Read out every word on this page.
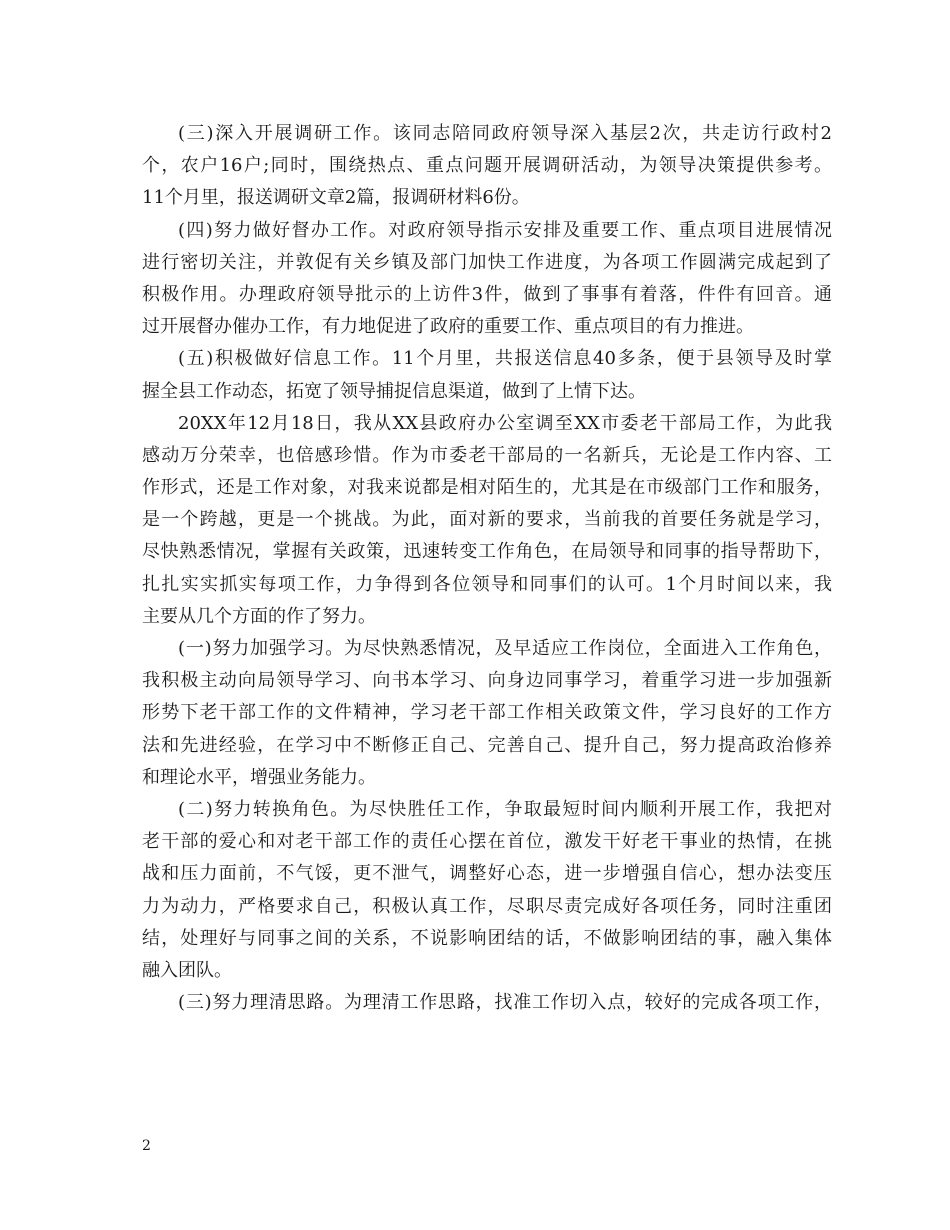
(三)深入开展调研工作。该同志陪同政府领导深入基层2次，共走访行政村2
个，农户16户;同时，围绕热点、重点问题开展调研活动，为领导决策提供参考。
11个月里，报送调研文章2篇，报调研材料6份。
(四)努力做好督办工作。对政府领导指示安排及重要工作、重点项目进展情况
进行密切关注，并敦促有关乡镇及部门加快工作进度，为各项工作圆满完成起到了
积极作用。办理政府领导批示的上访件3件，做到了事事有着落，件件有回音。通
过开展督办催办工作，有力地促进了政府的重要工作、重点项目的有力推进。
(五)积极做好信息工作。11个月里，共报送信息40多条，便于县领导及时掌
握全县工作动态，拓宽了领导捕捉信息渠道，做到了上情下达。
20XX年12月18日，我从XX县政府办公室调至XX市委老干部局工作，为此我
感动万分荣幸，也倍感珍惜。作为市委老干部局的一名新兵，无论是工作内容、工
作形式，还是工作对象，对我来说都是相对陌生的，尤其是在市级部门工作和服务，
是一个跨越，更是一个挑战。为此，面对新的要求，当前我的首要任务就是学习，
尽快熟悉情况，掌握有关政策，迅速转变工作角色，在局领导和同事的指导帮助下，
扎扎实实抓实每项工作，力争得到各位领导和同事们的认可。1个月时间以来，我
主要从几个方面的作了努力。
(一)努力加强学习。为尽快熟悉情况，及早适应工作岗位，全面进入工作角色，
我积极主动向局领导学习、向书本学习、向身边同事学习，着重学习进一步加强新
形势下老干部工作的文件精神，学习老干部工作相关政策文件，学习良好的工作方
法和先进经验，在学习中不断修正自己、完善自己、提升自己，努力提高政治修养
和理论水平，增强业务能力。
(二)努力转换角色。为尽快胜任工作，争取最短时间内顺利开展工作，我把对
老干部的爱心和对老干部工作的责任心摆在首位，激发干好老干事业的热情，在挑
战和压力面前，不气馁，更不泄气，调整好心态，进一步增强自信心，想办法变压
力为动力，严格要求自己，积极认真工作，尽职尽责完成好各项任务，同时注重团
结，处理好与同事之间的关系，不说影响团结的话，不做影响团结的事，融入集体
融入团队。
(三)努力理清思路。为理清工作思路，找准工作切入点，较好的完成各项工作，
2
